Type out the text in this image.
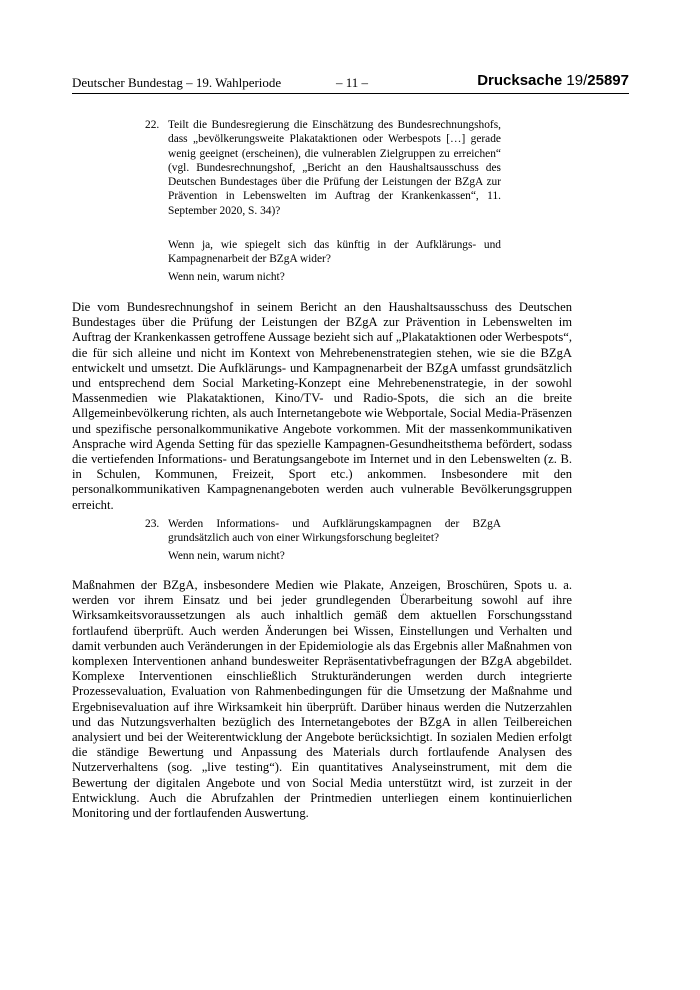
Deutscher Bundestag – 19. Wahlperiode	– 11 –	Drucksache 19/25897
22. Teilt die Bundesregierung die Einschätzung des Bundesrechnungshofs, dass „bevölkerungsweite Plakataktionen oder Werbespots […] gerade wenig geeignet (erscheinen), die vulnerablen Zielgruppen zu erreichen“ (vgl. Bundesrechnungshof, „Bericht an den Haushaltsausschuss des Deutschen Bundestages über die Prüfung der Leistungen der BZgA zur Prävention in Lebenswelten im Auftrag der Krankenkassen“, 11. September 2020, S. 34)?

Wenn ja, wie spiegelt sich das künftig in der Aufklärungs- und Kampagnenarbeit der BZgA wider?

Wenn nein, warum nicht?

Die vom Bundesrechnungshof in seinem Bericht an den Haushaltsausschuss des Deutschen Bundestages über die Prüfung der Leistungen der BZgA zur Prävention in Lebenswelten im Auftrag der Krankenkassen getroffene Aussage bezieht sich auf „Plakataktionen oder Werbespots“, die für sich alleine und nicht im Kontext von Mehrebenenstrategien stehen, wie sie die BZgA entwickelt und umsetzt. Die Aufklärungs- und Kampagnenarbeit der BZgA umfasst grundsätzlich und entsprechend dem Social Marketing-Konzept eine Mehrebenenstrategie, in der sowohl Massenmedien wie Plakataktionen, Kino/TV- und Radio-Spots, die sich an die breite Allgemeinbevölkerung richten, als auch Internetangebote wie Webportale, Social Media-Präsenzen und spezifische personalkommunikative Angebote vorkommen. Mit der massenkommunikativen Ansprache wird Agenda Setting für das spezielle Kampagnen-Gesundheitsthema befördert, sodass die vertiefenden Informations- und Beratungsangebote im Internet und in den Lebenswelten (z. B. in Schulen, Kommunen, Freizeit, Sport etc.) ankommen. Insbesondere mit den personalkommunikativen Kampagnenangeboten werden auch vulnerable Bevölkerungsgruppen erreicht.

23. Werden Informations- und Aufklärungskampagnen der BZgA grundsätzlich auch von einer Wirkungsforschung begleitet?

Wenn nein, warum nicht?

Maßnahmen der BZgA, insbesondere Medien wie Plakate, Anzeigen, Broschüren, Spots u. a. werden vor ihrem Einsatz und bei jeder grundlegenden Überarbeitung sowohl auf ihre Wirksamkeitsvoraussetzungen als auch inhaltlich gemäß dem aktuellen Forschungsstand fortlaufend überprüft. Auch werden Änderungen bei Wissen, Einstellungen und Verhalten und damit verbunden auch Veränderungen in der Epidemiologie als das Ergebnis aller Maßnahmen von komplexen Interventionen anhand bundesweiter Repräsentativbefragungen der BZgA abgebildet. Komplexe Interventionen einschließlich Strukturänderungen werden durch integrierte Prozessevaluation, Evaluation von Rahmenbedingungen für die Umsetzung der Maßnahme und Ergebnisevaluation auf ihre Wirksamkeit hin überprüft. Darüber hinaus werden die Nutzerzahlen und das Nutzungsverhalten bezüglich des Internetangebotes der BZgA in allen Teilbereichen analysiert und bei der Weiterentwicklung der Angebote berücksichtigt. In sozialen Medien erfolgt die ständige Bewertung und Anpassung des Materials durch fortlaufende Analysen des Nutzerverhaltens (sog. „live testing“). Ein quantitatives Analyseinstrument, mit dem die Bewertung der digitalen Angebote und von Social Media unterstützt wird, ist zurzeit in der Entwicklung. Auch die Abrufzahlen der Printmedien unterliegen einem kontinuierlichen Monitoring und der fortlaufenden Auswertung.
